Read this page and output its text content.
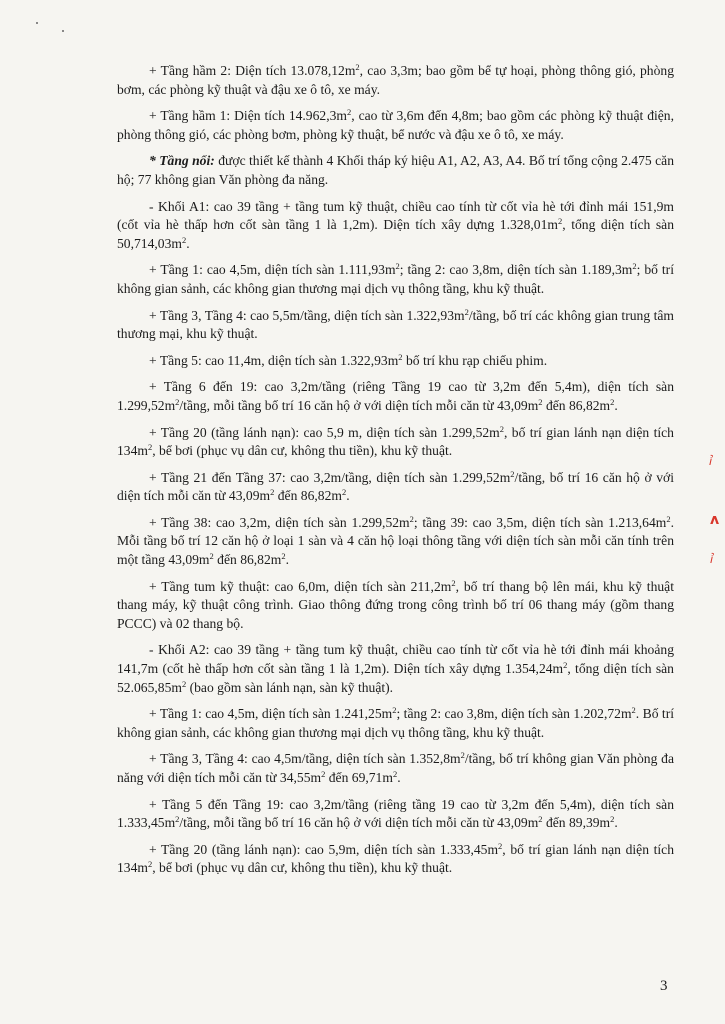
ꞽ
ʌ
ꞽ

+ Tầng hầm 2: Diện tích $13.078,12m^2$, cao 3,3m; bao gồm bể tự hoại, phòng thông gió, phòng bơm, các phòng kỹ thuật và đậu xe ô tô, xe máy.

+ Tầng hầm 1: Diện tích $14.962,3m^2$, cao từ 3,6m đến 4,8m; bao gồm các phòng kỹ thuật điện, phòng thông gió, các phòng bơm, phòng kỹ thuật, bể nước và đậu xe ô tô, xe máy.

* Tầng nổi: được thiết kế thành 4 Khối tháp ký hiệu A1, A2, A3, A4. Bố trí tổng cộng 2.475 căn hộ; 77 không gian Văn phòng đa năng.

- Khối A1: cao 39 tầng + tầng tum kỹ thuật, chiều cao tính từ cốt vỉa hè tới đỉnh mái 151,9m (cốt vỉa hè thấp hơn cốt sàn tầng 1 là 1,2m). Diện tích xây dựng $1.328,01m^2$, tổng diện tích sàn $50,714,03m^2$.

+ Tầng 1: cao 4,5m, diện tích sàn $1.111,93m^2$; tầng 2: cao 3,8m, diện tích sàn $1.189,3m^2$; bố trí không gian sảnh, các không gian thương mại dịch vụ thông tầng, khu kỹ thuật.

+ Tầng 3, Tầng 4: cao 5,5m/tầng, diện tích sàn $1.322,93m^2$/tầng, bố trí các không gian trung tâm thương mại, khu kỹ thuật.

+ Tầng 5: cao 11,4m, diện tích sàn $1.322,93m^2$ bố trí khu rạp chiếu phim.

+ Tầng 6 đến 19: cao 3,2m/tầng (riêng Tầng 19 cao từ 3,2m đến 5,4m), diện tích sàn $1.299,52m^2$/tầng, mỗi tầng bố trí 16 căn hộ ở với diện tích mỗi căn từ $43,09m^2$ đến $86,82m^2$.

+ Tầng 20 (tầng lánh nạn): cao 5,9 m, diện tích sàn $1.299,52m^2$, bố trí gian lánh nạn diện tích $134m^2$, bể bơi (phục vụ dân cư, không thu tiền), khu kỹ thuật.

+ Tầng 21 đến Tầng 37: cao 3,2m/tầng, diện tích sàn $1.299,52m^2$/tầng, bố trí 16 căn hộ ở với diện tích mỗi căn từ $43,09m^2$ đến $86,82m^2$.

+ Tầng 38: cao 3,2m, diện tích sàn $1.299,52m^2$; tầng 39: cao 3,5m, diện tích sàn $1.213,64m^2$. Mỗi tầng bố trí 12 căn hộ ở loại 1 sàn và 4 căn hộ loại thông tầng với diện tích sàn mỗi căn tính trên một tầng $43,09m^2$ đến $86,82m^2$.

+ Tầng tum kỹ thuật: cao 6,0m, diện tích sàn $211,2m^2$, bố trí thang bộ lên mái, khu kỹ thuật thang máy, kỹ thuật công trình. Giao thông đứng trong công trình bố trí 06 thang máy (gồm thang PCCC) và 02 thang bộ.

- Khối A2: cao 39 tầng + tầng tum kỹ thuật, chiều cao tính từ cốt vỉa hè tới đỉnh mái khoảng 141,7m (cốt hè thấp hơn cốt sàn tầng 1 là 1,2m). Diện tích xây dựng $1.354,24m^2$, tổng diện tích sàn $52.065,85m^2$ (bao gồm sàn lánh nạn, sàn kỹ thuật).

+ Tầng 1: cao 4,5m, diện tích sàn $1.241,25m^2$; tầng 2: cao 3,8m, diện tích sàn $1.202,72m^2$. Bố trí không gian sảnh, các không gian thương mại dịch vụ thông tầng, khu kỹ thuật.

+ Tầng 3, Tầng 4: cao 4,5m/tầng, diện tích sàn $1.352,8m^2$/tầng, bố trí không gian Văn phòng đa năng với diện tích mỗi căn từ $34,55m^2$ đến $69,71m^2$.

+ Tầng 5 đến Tầng 19: cao 3,2m/tầng (riêng tầng 19 cao từ 3,2m đến 5,4m), diện tích sàn $1.333,45m^2$/tầng, mỗi tầng bố trí 16 căn hộ ở với diện tích mỗi căn từ $43,09m^2$ đến $89,39m^2$.

+ Tầng 20 (tầng lánh nạn): cao 5,9m, diện tích sàn $1.333,45m^2$, bố trí gian lánh nạn diện tích $134m^2$, bể bơi (phục vụ dân cư, không thu tiền), khu kỹ thuật.

3
